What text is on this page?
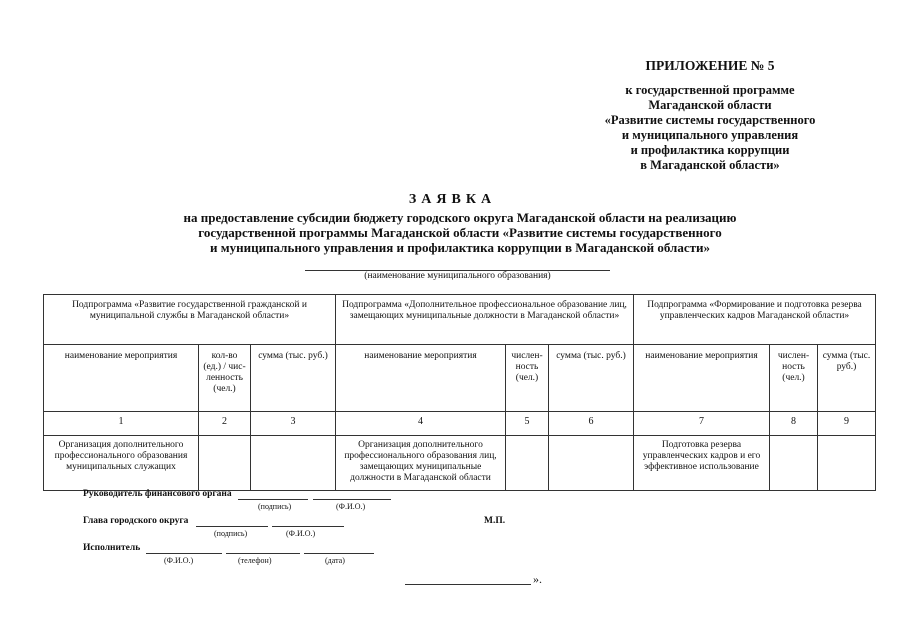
ПРИЛОЖЕНИЕ № 5
к государственной программе
Магаданской области
«Развитие системы государственного
и муниципального управления
и профилактика коррупции
в Магаданской области»
ЗАЯВКА
на предоставление субсидии бюджету городского округа Магаданской области на реализацию
государственной программы Магаданской области «Развитие системы государственного
и муниципального управления и профилактика коррупции в Магаданской области»
(наименование муниципального образования)
Подпрограмма «Развитие государственной гражданской и муниципальной службы в Магаданской области»			Подпрограмма «Дополнительное профессиональное образование лиц, замещающих муниципальные должности в Магаданской области»			Подпрограмма «Формирование и подготовка резерва управленческих кадров Магаданской области»		
наименование мероприятия	кол-во (ед.) / чис-ленность (чел.)	сумма (тыс. руб.)	наименование мероприятия	числен-ность (чел.)	сумма (тыс. руб.)	наименование мероприятия	числен-ность (чел.)	сумма (тыс. руб.)
1	2	3	4	5	6	7	8	9
Организация дополнительного профессионального образования муниципальных служащих			Организация дополнительного профессионального образования лиц, замещающих муниципальные должности в Магаданской области			Подготовка резерва управленческих кадров и его эффективное использование		
Руководитель финансового органа
(подпись)	(Ф.И.О.)
Глава городского округа
(подпись)	(Ф.И.О.)
М.П.
Исполнитель
(Ф.И.О.)	(телефон)	(дата)
».
